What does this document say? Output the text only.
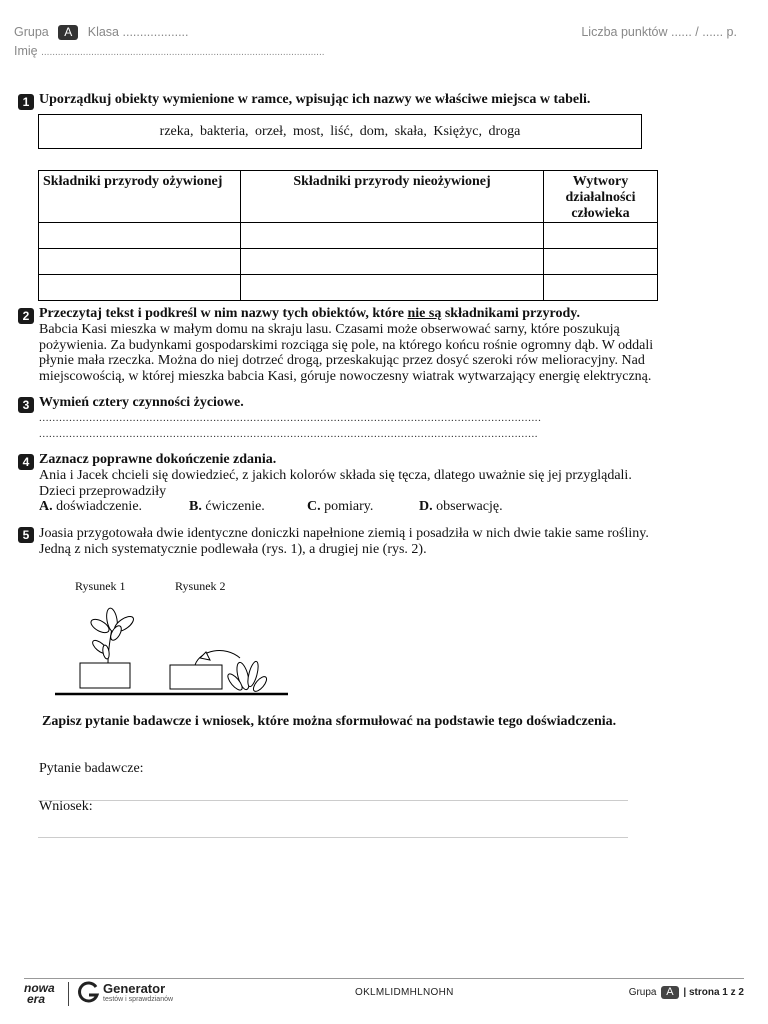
Grupa A Klasa ...................	Liczba punktów ...... / ...... p.
Imię ......................................................................................................
1 Uporządkuj obiekty wymienione w ramce, wpisując ich nazwy we właściwe miejsca w tabeli.
rzeka, bakteria, orzeł, most, liść, dom, skała, Księżyc, droga
Składniki przyrody ożywionej	Składniki przyrody nieożywionej	Wytwory działalności człowieka

2 Przeczytaj tekst i podkreśl w nim nazwy tych obiektów, które nie są składnikami przyrody.
Babcia Kasi mieszka w małym domu na skraju lasu. Czasami może obserwować sarny, które poszukują pożywienia. Za budynkami gospodarskimi rozciąga się pole, na którego końcu rośnie ogromny dąb. W oddali płynie mała rzeczka. Można do niej dotrzeć drogą, przeskakując przez dosyć szeroki rów melioracyjny. Nad miejscowością, w której mieszka babcia Kasi, góruje nowoczesny wiatrak wytwarzający energię elektryczną.
3 Wymień cztery czynności życiowe.
......................................................................................................................................................
.....................................................................................................................................................
4 Zaznacz poprawne dokończenie zdania.
Ania i Jacek chcieli się dowiedzieć, z jakich kolorów składa się tęcza, dlatego uważnie się jej przyglądali.
Dzieci przeprowadziły
A. doświadczenie.	B. ćwiczenie.	C. pomiary.	D. obserwację.
5 Joasia przygotowała dwie identyczne doniczki napełnione ziemią i posadziła w nich dwie takie same rośliny.
Jedną z nich systematycznie podlewała (rys. 1), a drugiej nie (rys. 2).
Rysunek 1	Rysunek 2
Zapisz pytanie badawcze i wniosek, które można sformułować na podstawie tego doświadczenia.
Pytanie badawcze:
Wniosek:
nowa
era
Generator
testów i sprawdzianów
OKLMLIDMHLNOHN	Grupa A | strona 1 z 2
